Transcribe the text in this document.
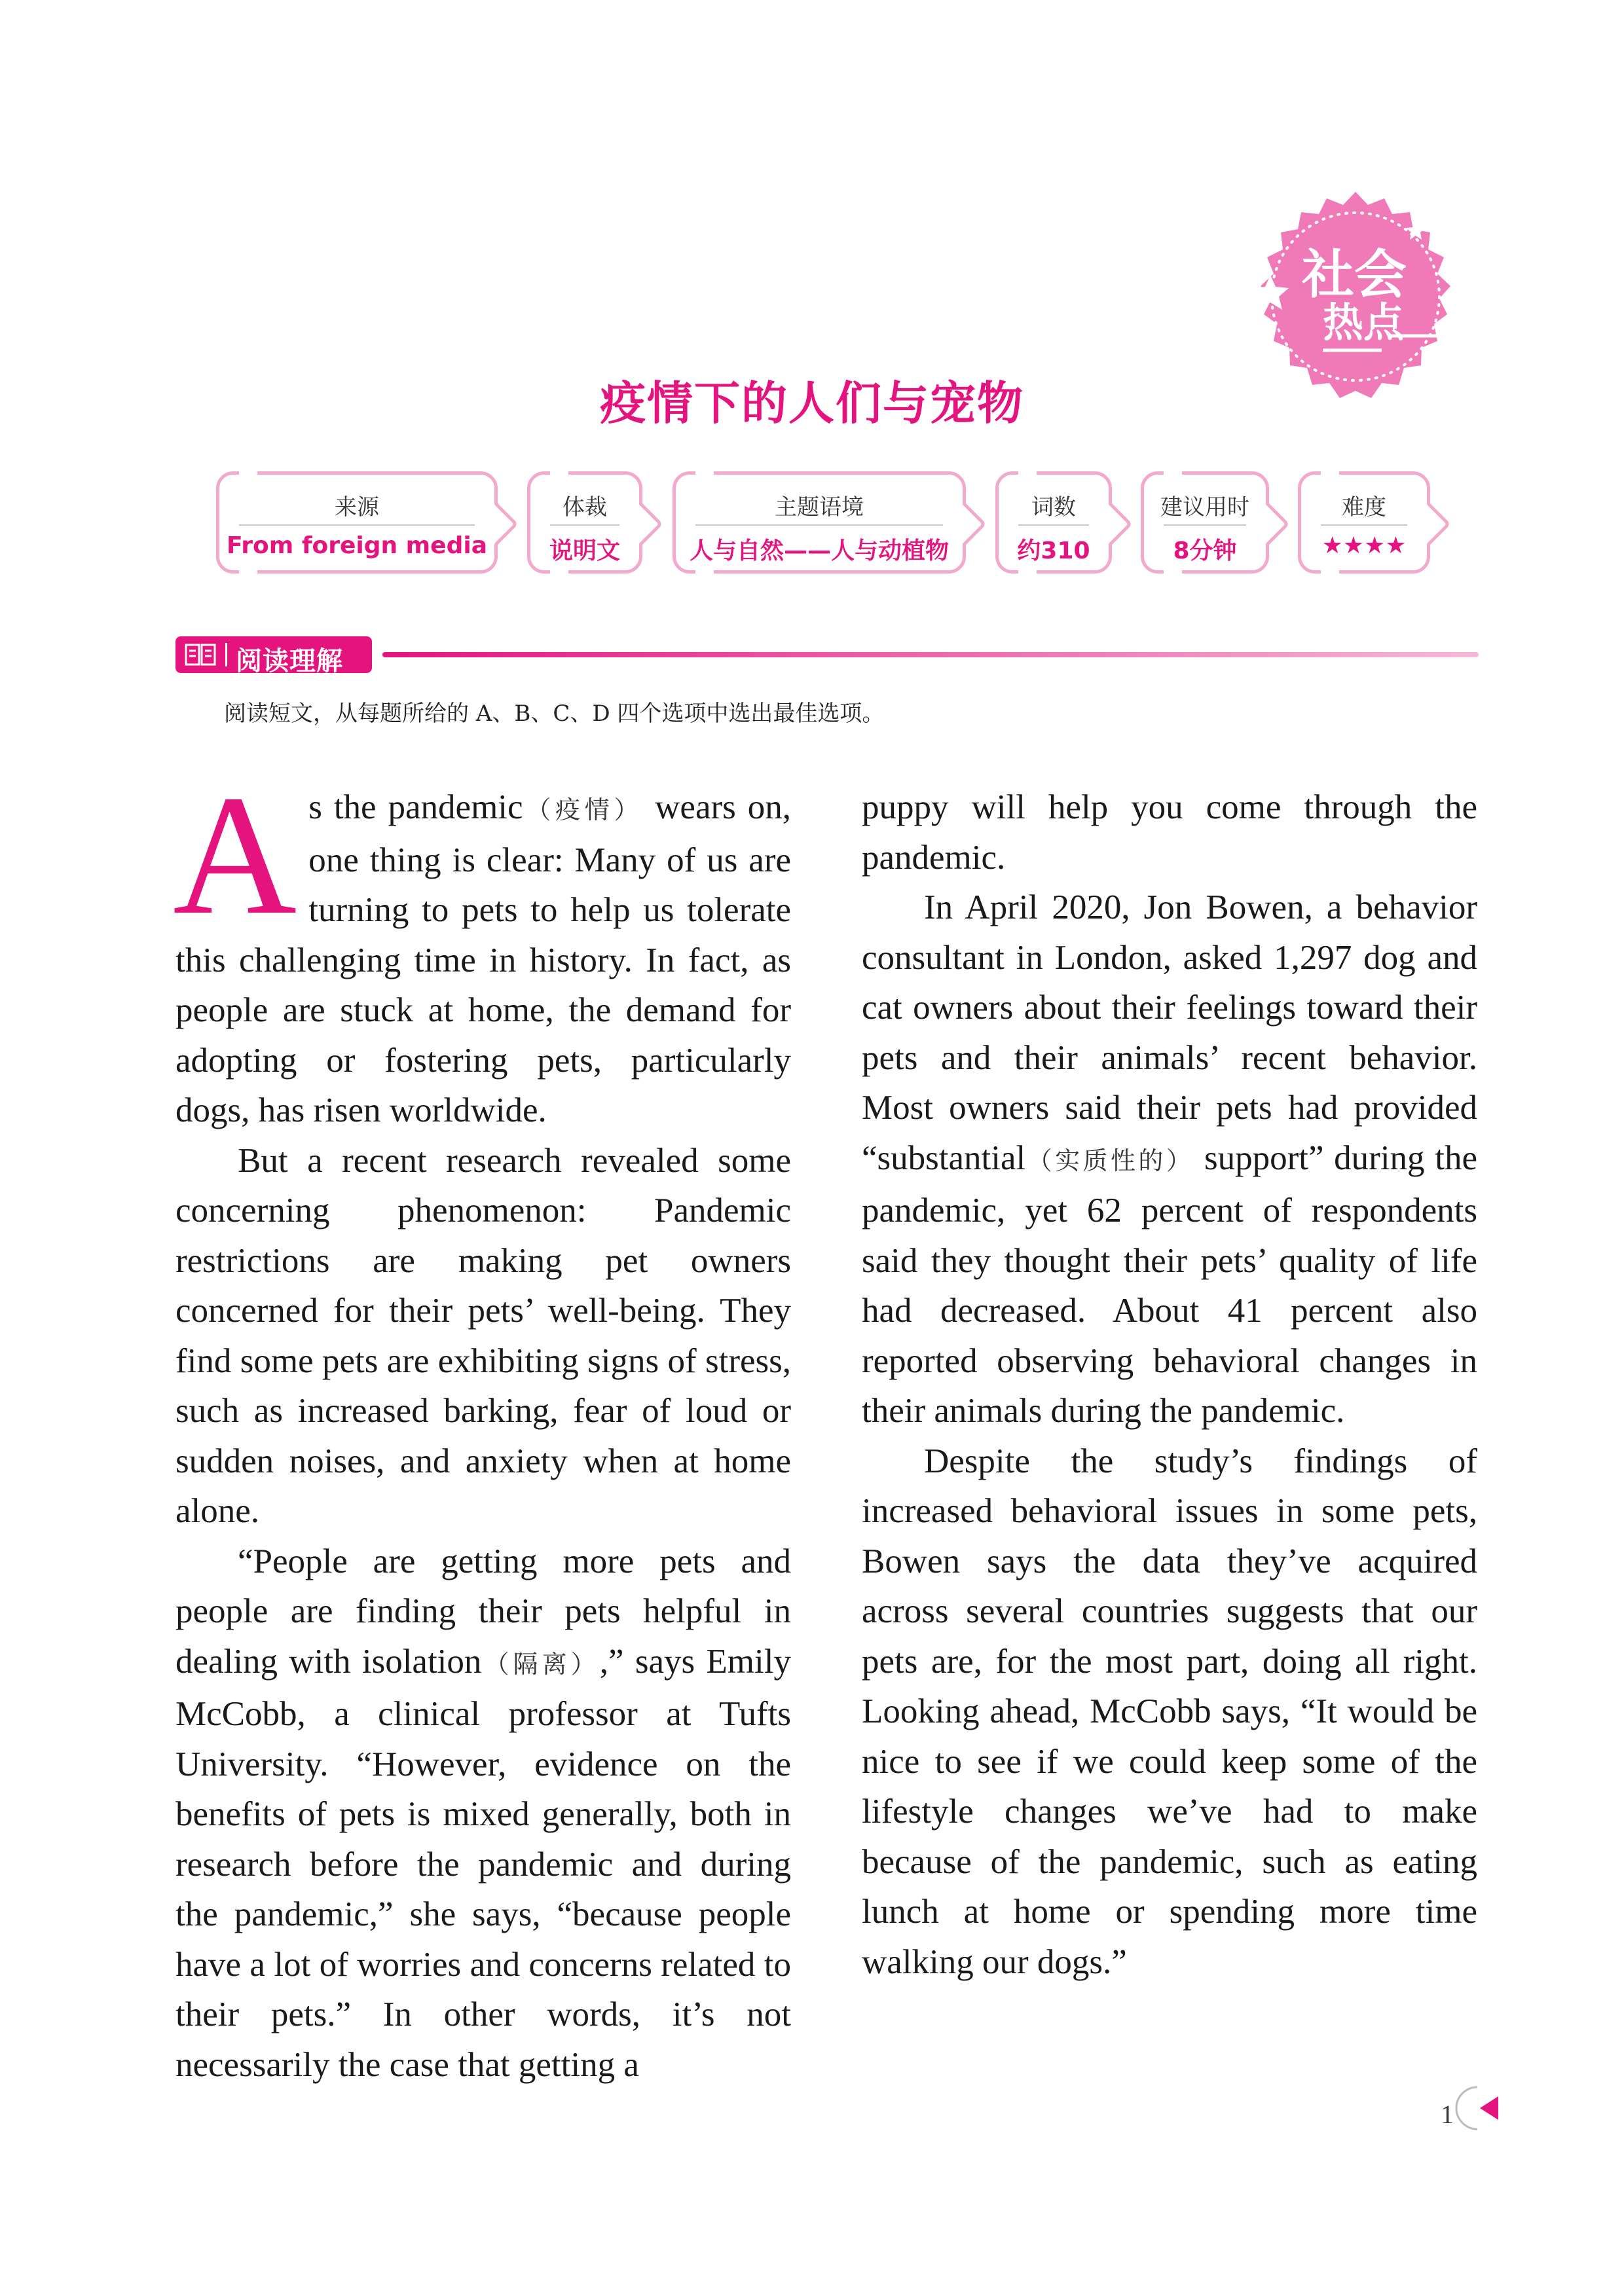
社会
热点
疫情下的人们与宠物
来源
From foreign media
体裁
说明文
主题语境
人与自然——人与动植物
词数
约310
建议用时
8分钟
难度
★★★★
阅读理解
阅读短文，从每题所给的 A、B、C、D 四个选项中选出最佳选项。

As the pandemic（疫情） wears on, one thing is clear: Many of us are turning to pets to help us tolerate this challenging time in history. In fact, as people are stuck at home, the demand for adopting or fostering pets, particularly dogs, has risen worldwide.

But a recent research revealed some concerning phenomenon: Pandemic restrictions are making pet owners concerned for their pets’ well-being. They find some pets are exhibiting signs of stress, such as increased barking, fear of loud or sudden noises, and anxiety when at home alone.

“People are getting more pets and people are finding their pets helpful in dealing with isolation（隔离）,” says Emily McCobb, a clinical professor at Tufts University. “However, evidence on the benefits of pets is mixed generally, both in research before the pandemic and during the pandemic,” she says, “because people have a lot of worries and concerns related to their pets.” In other words, it’s not necessarily the case that getting a

puppy will help you come through the pandemic.

In April 2020, Jon Bowen, a behavior consultant in London, asked 1,297 dog and cat owners about their feelings toward their pets and their animals’ recent behavior. Most owners said their pets had provided “substantial（实质性的） support” during the pandemic, yet 62 percent of respondents said they thought their pets’ quality of life had decreased. About 41 percent also reported observing behavioral changes in their animals during the pandemic.

Despite the study’s findings of increased behavioral issues in some pets, Bowen says the data they’ve acquired across several countries suggests that our pets are, for the most part, doing all right. Looking ahead, McCobb says, “It would be nice to see if we could keep some of the lifestyle changes we’ve had to make because of the pandemic, such as eating lunch at home or spending more time walking our dogs.”

1
